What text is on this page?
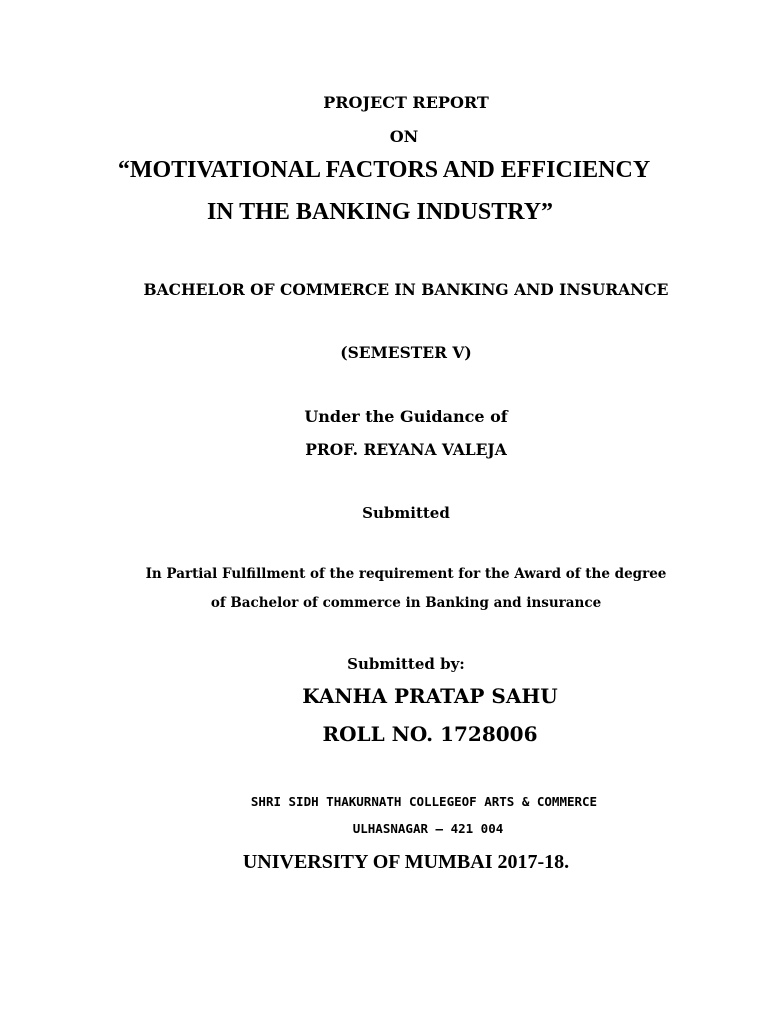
PROJECT REPORT
ON
“MOTIVATIONAL FACTORS AND EFFICIENCY
IN THE BANKING INDUSTRY”
BACHELOR OF COMMERCE IN BANKING AND INSURANCE
(SEMESTER V)
Under the Guidance of
PROF. REYANA VALEJA
Submitted
In Partial Fulfillment of the requirement for the Award of the degree
of Bachelor of commerce in Banking and insurance
Submitted by:
KANHA PRATAP SAHU
ROLL NO. 1728006
SHRI SIDH THAKURNATH COLLEGEOF ARTS & COMMERCE
ULHASNAGAR – 421 004
UNIVERSITY OF MUMBAI 2017-18.
